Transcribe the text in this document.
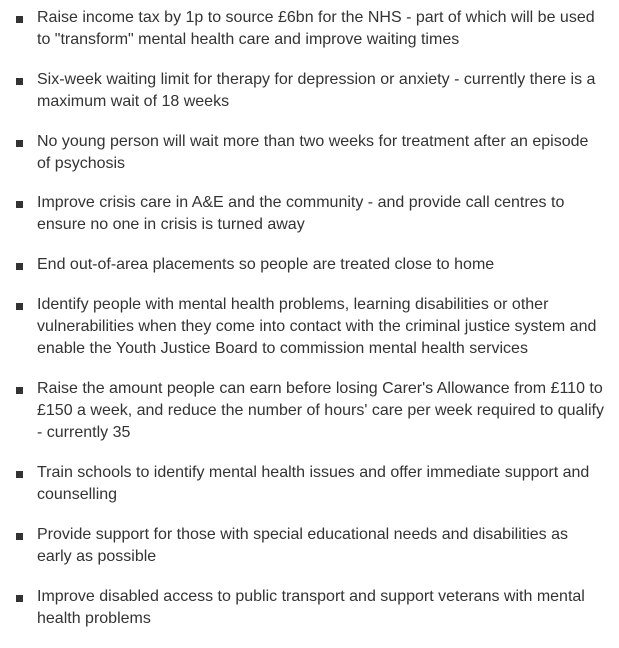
Raise income tax by 1p to source £6bn for the NHS - part of which will be used
to "transform" mental health care and improve waiting times
Six-week waiting limit for therapy for depression or anxiety - currently there is a
maximum wait of 18 weeks
No young person will wait more than two weeks for treatment after an episode
of psychosis
Improve crisis care in A&E and the community - and provide call centres to
ensure no one in crisis is turned away
End out-of-area placements so people are treated close to home
Identify people with mental health problems, learning disabilities or other
vulnerabilities when they come into contact with the criminal justice system and
enable the Youth Justice Board to commission mental health services
Raise the amount people can earn before losing Carer's Allowance from £110 to
£150 a week, and reduce the number of hours' care per week required to qualify
- currently 35
Train schools to identify mental health issues and offer immediate support and
counselling
Provide support for those with special educational needs and disabilities as
early as possible
Improve disabled access to public transport and support veterans with mental
health problems
